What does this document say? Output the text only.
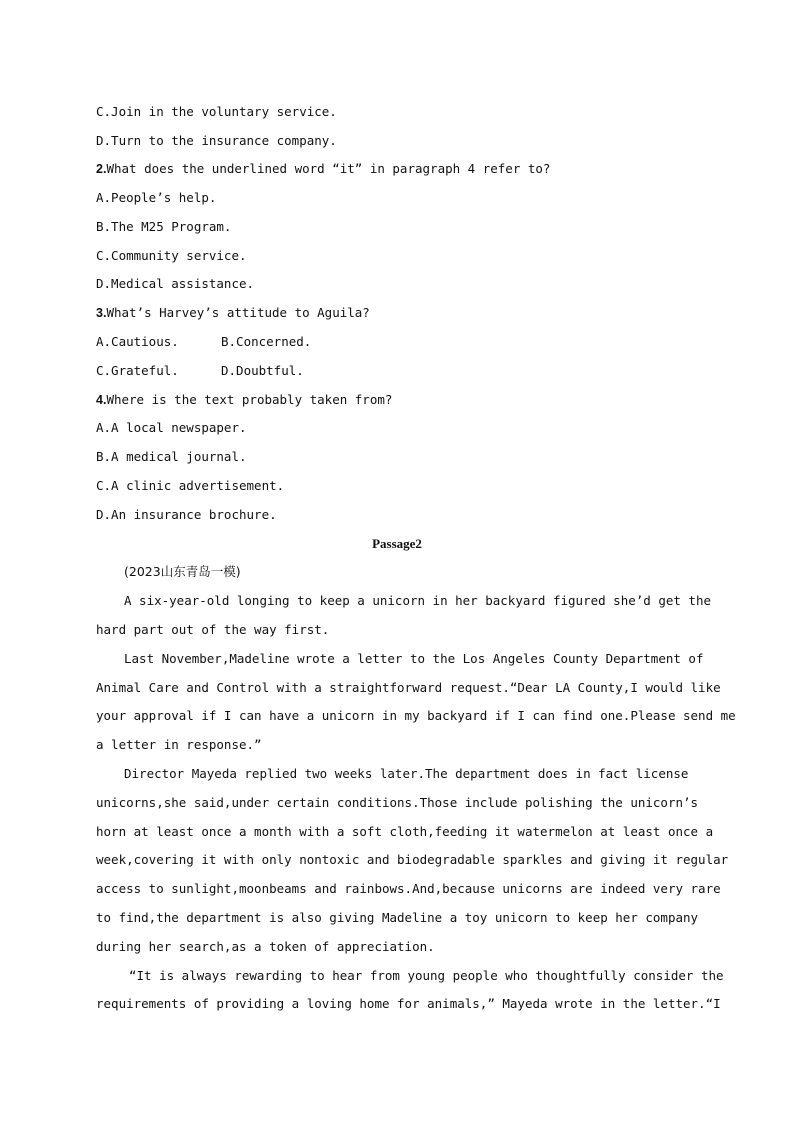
C.Join in the voluntary service.
D.Turn to the insurance company.
2.What does the underlined word “it” in paragraph 4 refer to?
A.People’s help.
B.The M25 Program.
C.Community service.
D.Medical assistance.
3.What’s Harvey’s attitude to Aguila?
A.Cautious.	B.Concerned.
C.Grateful.	D.Doubtful.
4.Where is the text probably taken from?
A.A local newspaper.
B.A medical journal.
C.A clinic advertisement.
D.An insurance brochure.
Passage2
(2023山东青岛一模)
A six-year-old longing to keep a unicorn in her backyard figured she’d get the
hard part out of the way first.
Last November,Madeline wrote a letter to the Los Angeles County Department of
Animal Care and Control with a straightforward request.“Dear LA County,I would like
your approval if I can have a unicorn in my backyard if I can find one.Please send me
a letter in response.”
Director Mayeda replied two weeks later.The department does in fact license
unicorns,she said,under certain conditions.Those include polishing the unicorn’s
horn at least once a month with a soft cloth,feeding it watermelon at least once a
week,covering it with only nontoxic and biodegradable sparkles and giving it regular
access to sunlight,moonbeams and rainbows.And,because unicorns are indeed very rare
to find,the department is also giving Madeline a toy unicorn to keep her company
during her search,as a token of appreciation.
“It is always rewarding to hear from young people who thoughtfully consider the
requirements of providing a loving home for animals,” Mayeda wrote in the letter.“I
